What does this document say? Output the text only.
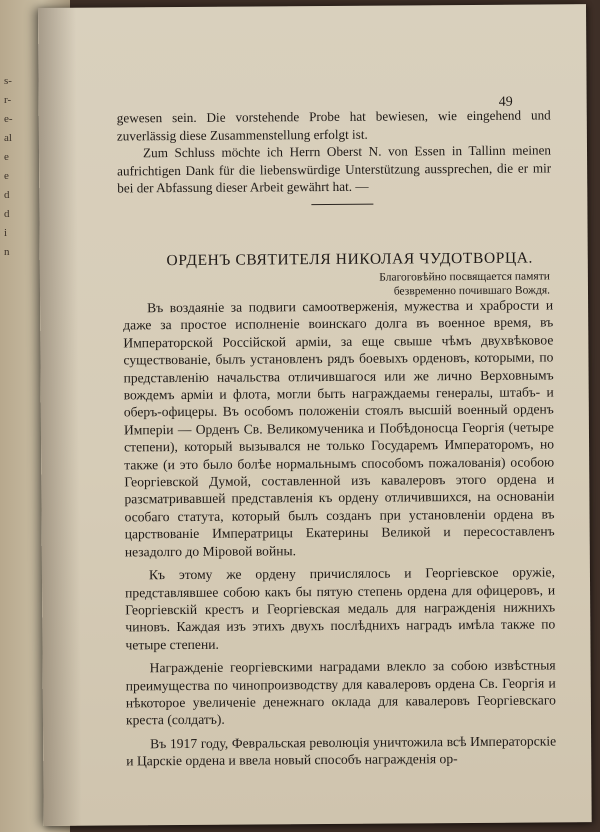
s-
r-
e-
al
e
e
d
d
i
n
49

gewesen sein. Die vorstehende Probe hat bewiesen, wie eingehend und zuverlässig diese Zusammenstellung erfolgt ist.

Zum Schluss möchte ich Herrn Oberst N. von Essen in Tallinn meinen aufrichtigen Dank für die liebenswürdige Unterstützung aussprechen, die er mir bei der Abfassung dieser Arbeit gewährt hat. —

ОРДЕНЪ СВЯТИТЕЛЯ НИКОЛАЯ ЧУДОТВОРЦА.
Благоговѣйно посвящается памяти
безвременно почившаго Вождя.

Въ воздаяніе за подвиги самоотверженія, мужества и храбрости и даже за простое исполненіе воинскаго долга въ военное время, въ Императорской Россійской арміи, за еще свыше чѣмъ двухвѣковое существованіе, былъ установленъ рядъ боевыхъ орденовъ, которыми, по представленію начальства отличившагося или же лично Верховнымъ вождемъ арміи и флота, могли быть награждаемы генералы, штабъ- и оберъ-офицеры. Въ особомъ положеніи стоялъ высшій военный орденъ Имперіи — Орденъ Св. Великомученика и Побѣдоносца Георгія (четыре степени), который вызывался не только Государемъ Императоромъ, но также (и это было болѣе нормальнымъ способомъ пожалованія) особою Георгіевской Думой, составленной изъ кавалеровъ этого ордена и разсматривавшей представленія къ ордену отличившихся, на основаніи особаго статута, который былъ созданъ при установленіи ордена въ царствованіе Императрицы Екатерины Великой и пересоставленъ незадолго до Мiровой войны.

Къ этому же ордену причислялось и Георгіевское оружіе, представлявшее собою какъ бы пятую степень ордена для офицеровъ, и Георгіевскій крестъ и Георгіевская медаль для награжденія нижнихъ чиновъ. Каждая изъ этихъ двухъ послѣднихъ наградъ имѣла также по четыре степени.

Награжденіе георгіевскими наградами влекло за собою извѣстныя преимущества по чинопроизводству для кавалеровъ ордена Св. Георгія и нѣкоторое увеличеніе денежнаго оклада для кавалеровъ Георгіевскаго креста (солдатъ).

Въ 1917 году, Февральская революція уничтожила всѣ Императорскіе и Царскіе ордена и ввела новый способъ награжденія ор-
